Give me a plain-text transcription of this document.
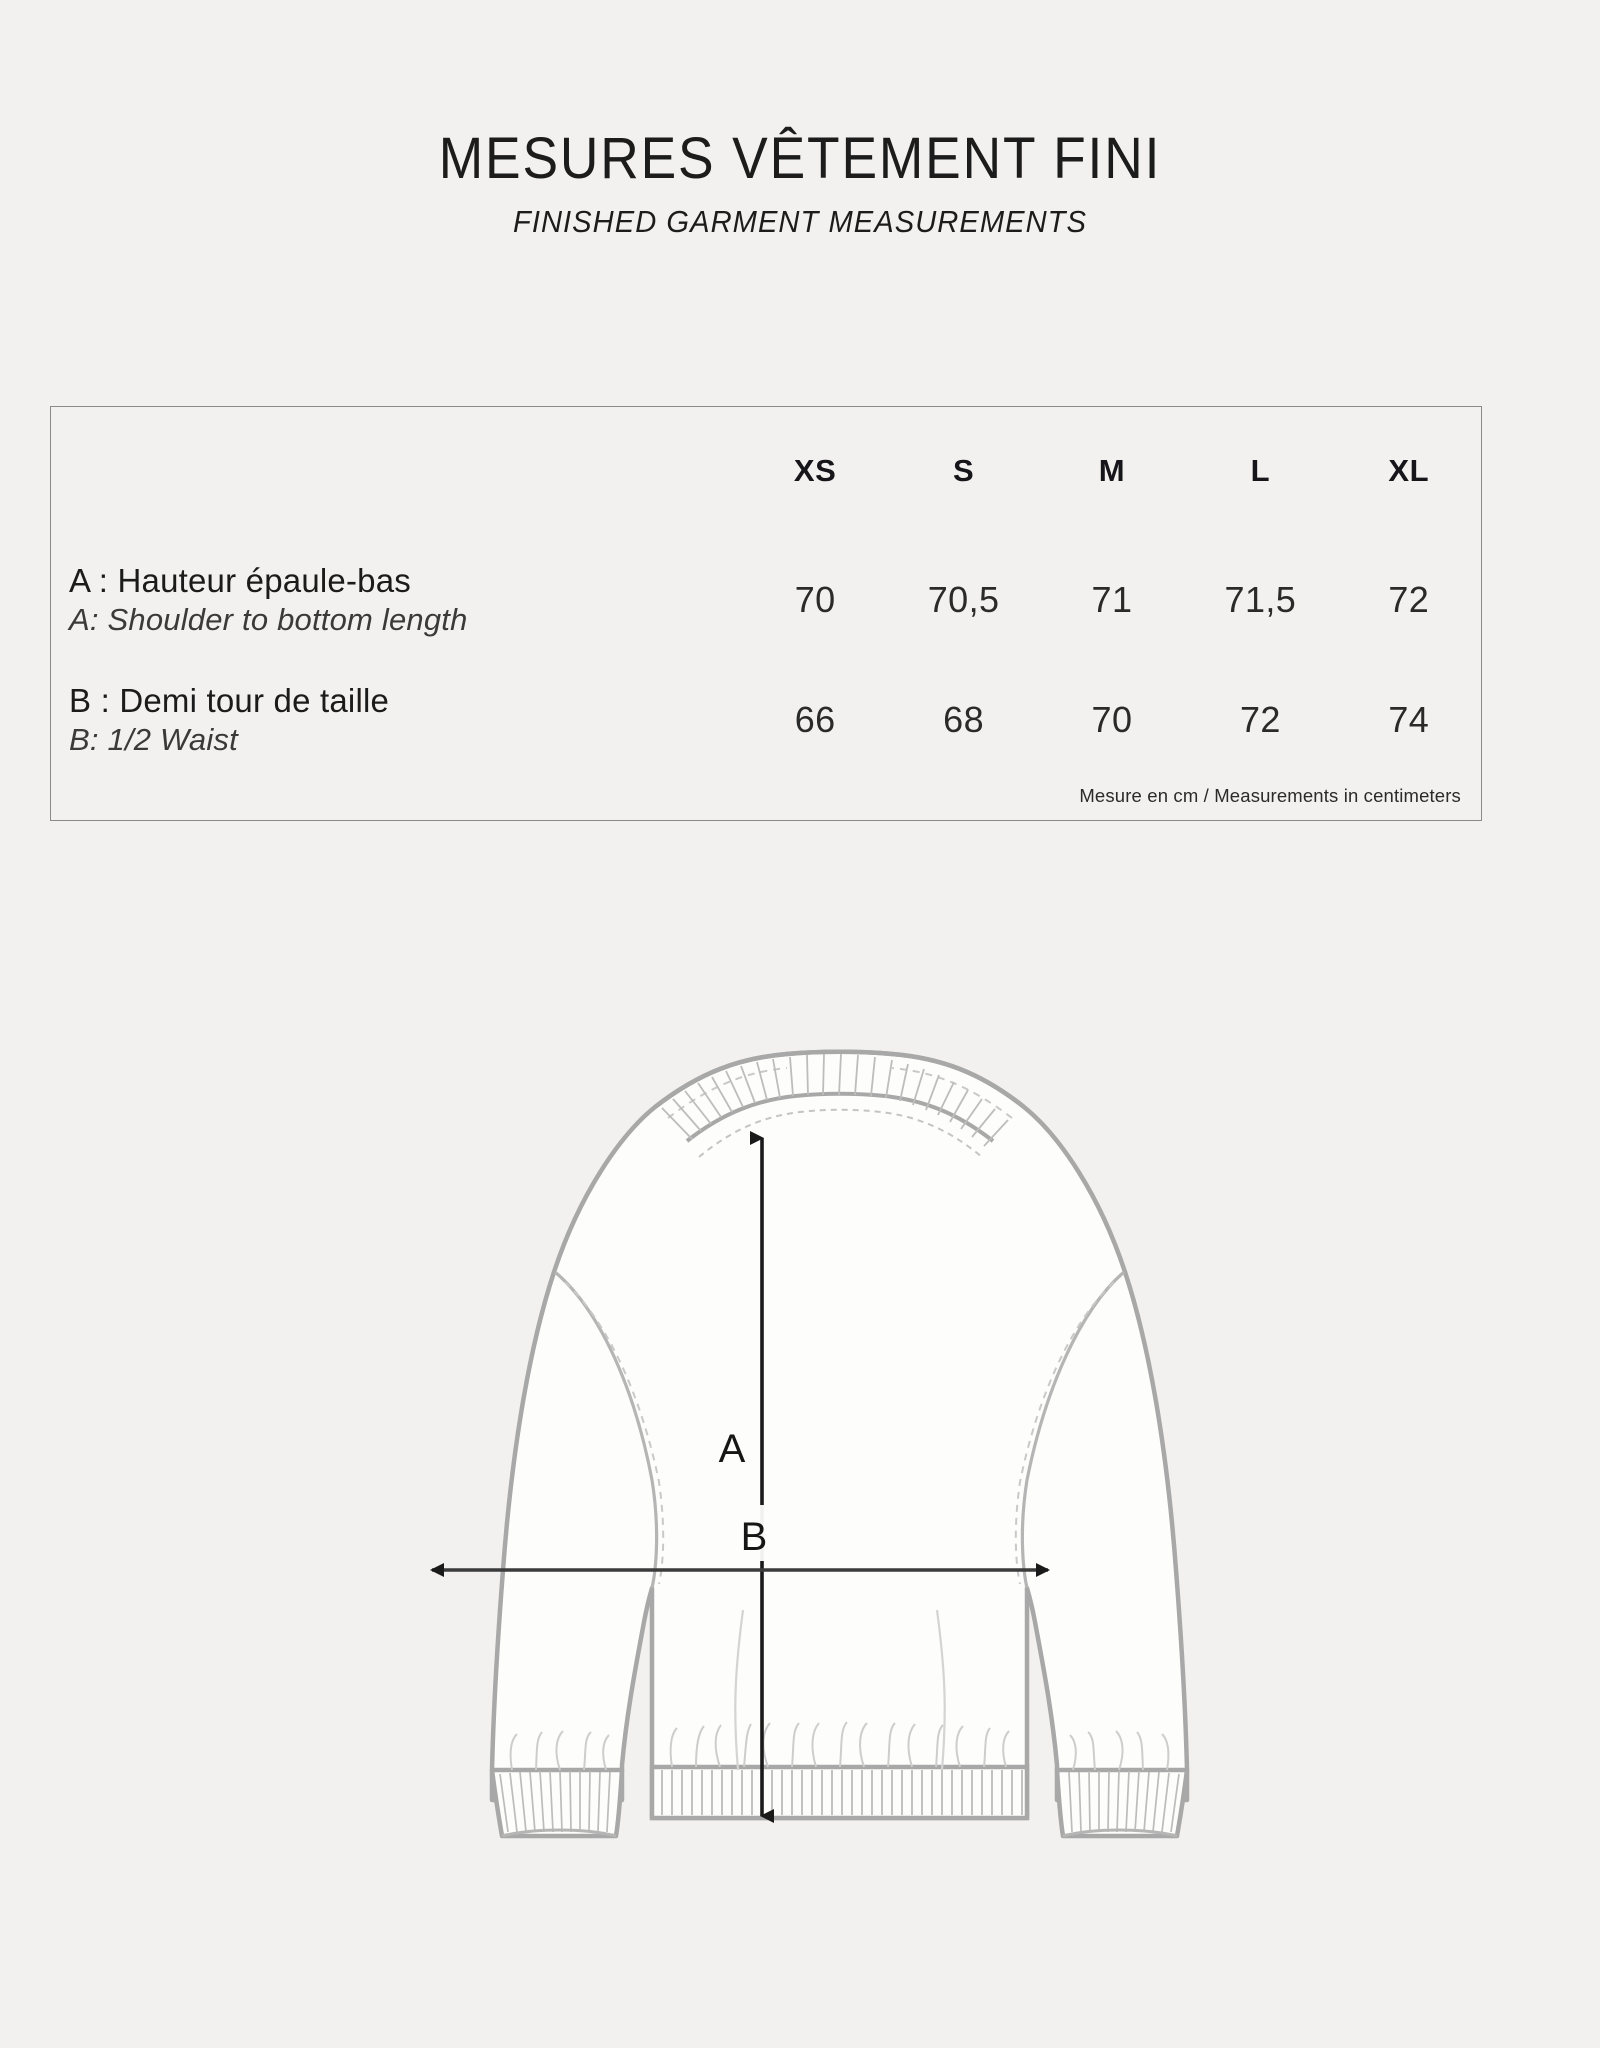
MESURES VÊTEMENT FINI
FINISHED GARMENT MEASUREMENTS
	XS	S	M	L	XL

A : Hauteur épaule-bas
A: Shoulder to bottom length	70	70,5	71	71,5	72

B : Demi tour de taille
B: 1/2 Waist	66	68	70	72	74
Mesure en cm / Measurements in centimeters					
A
B
